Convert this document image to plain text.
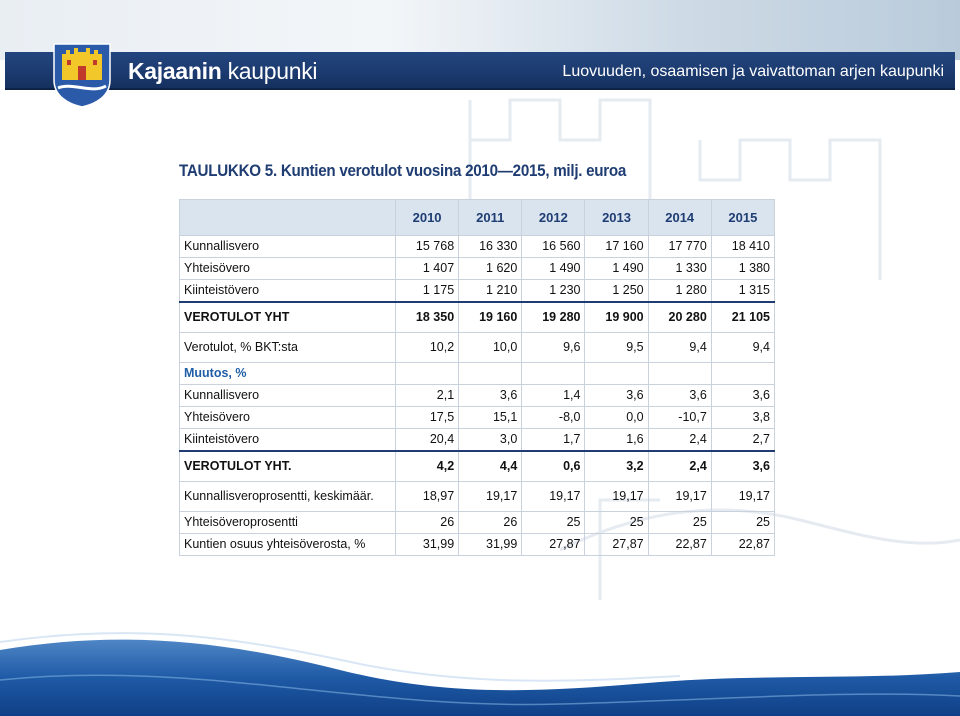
Kajaanin kaupunki	Luovuuden, osaamisen ja vaivattoman arjen kaupunki
TAULUKKO 5. Kuntien verotulot vuosina 2010—2015, milj. euroa
	2010	2011	2012	2013	2014	2015
Kunnallisvero	15 768	16 330	16 560	17 160	17 770	18 410
Yhteisövero	1 407	1 620	1 490	1 490	1 330	1 380
Kiinteistövero	1 175	1 210	1 230	1 250	1 280	1 315
VEROTULOT YHT	18 350	19 160	19 280	19 900	20 280	21 105
Verotulot, % BKT:sta	10,2	10,0	9,6	9,5	9,4	9,4
Muutos, %						
Kunnallisvero	2,1	3,6	1,4	3,6	3,6	3,6
Yhteisövero	17,5	15,1	-8,0	0,0	-10,7	3,8
Kiinteistövero	20,4	3,0	1,7	1,6	2,4	2,7
VEROTULOT YHT.	4,2	4,4	0,6	3,2	2,4	3,6
Kunnallisveroprosentti, keskimäär.	18,97	19,17	19,17	19,17	19,17	19,17
Yhteisöveroprosentti	26	26	25	25	25	25
Kuntien osuus yhteisöverosta, %	31,99	31,99	27,87	27,87	22,87	22,87
